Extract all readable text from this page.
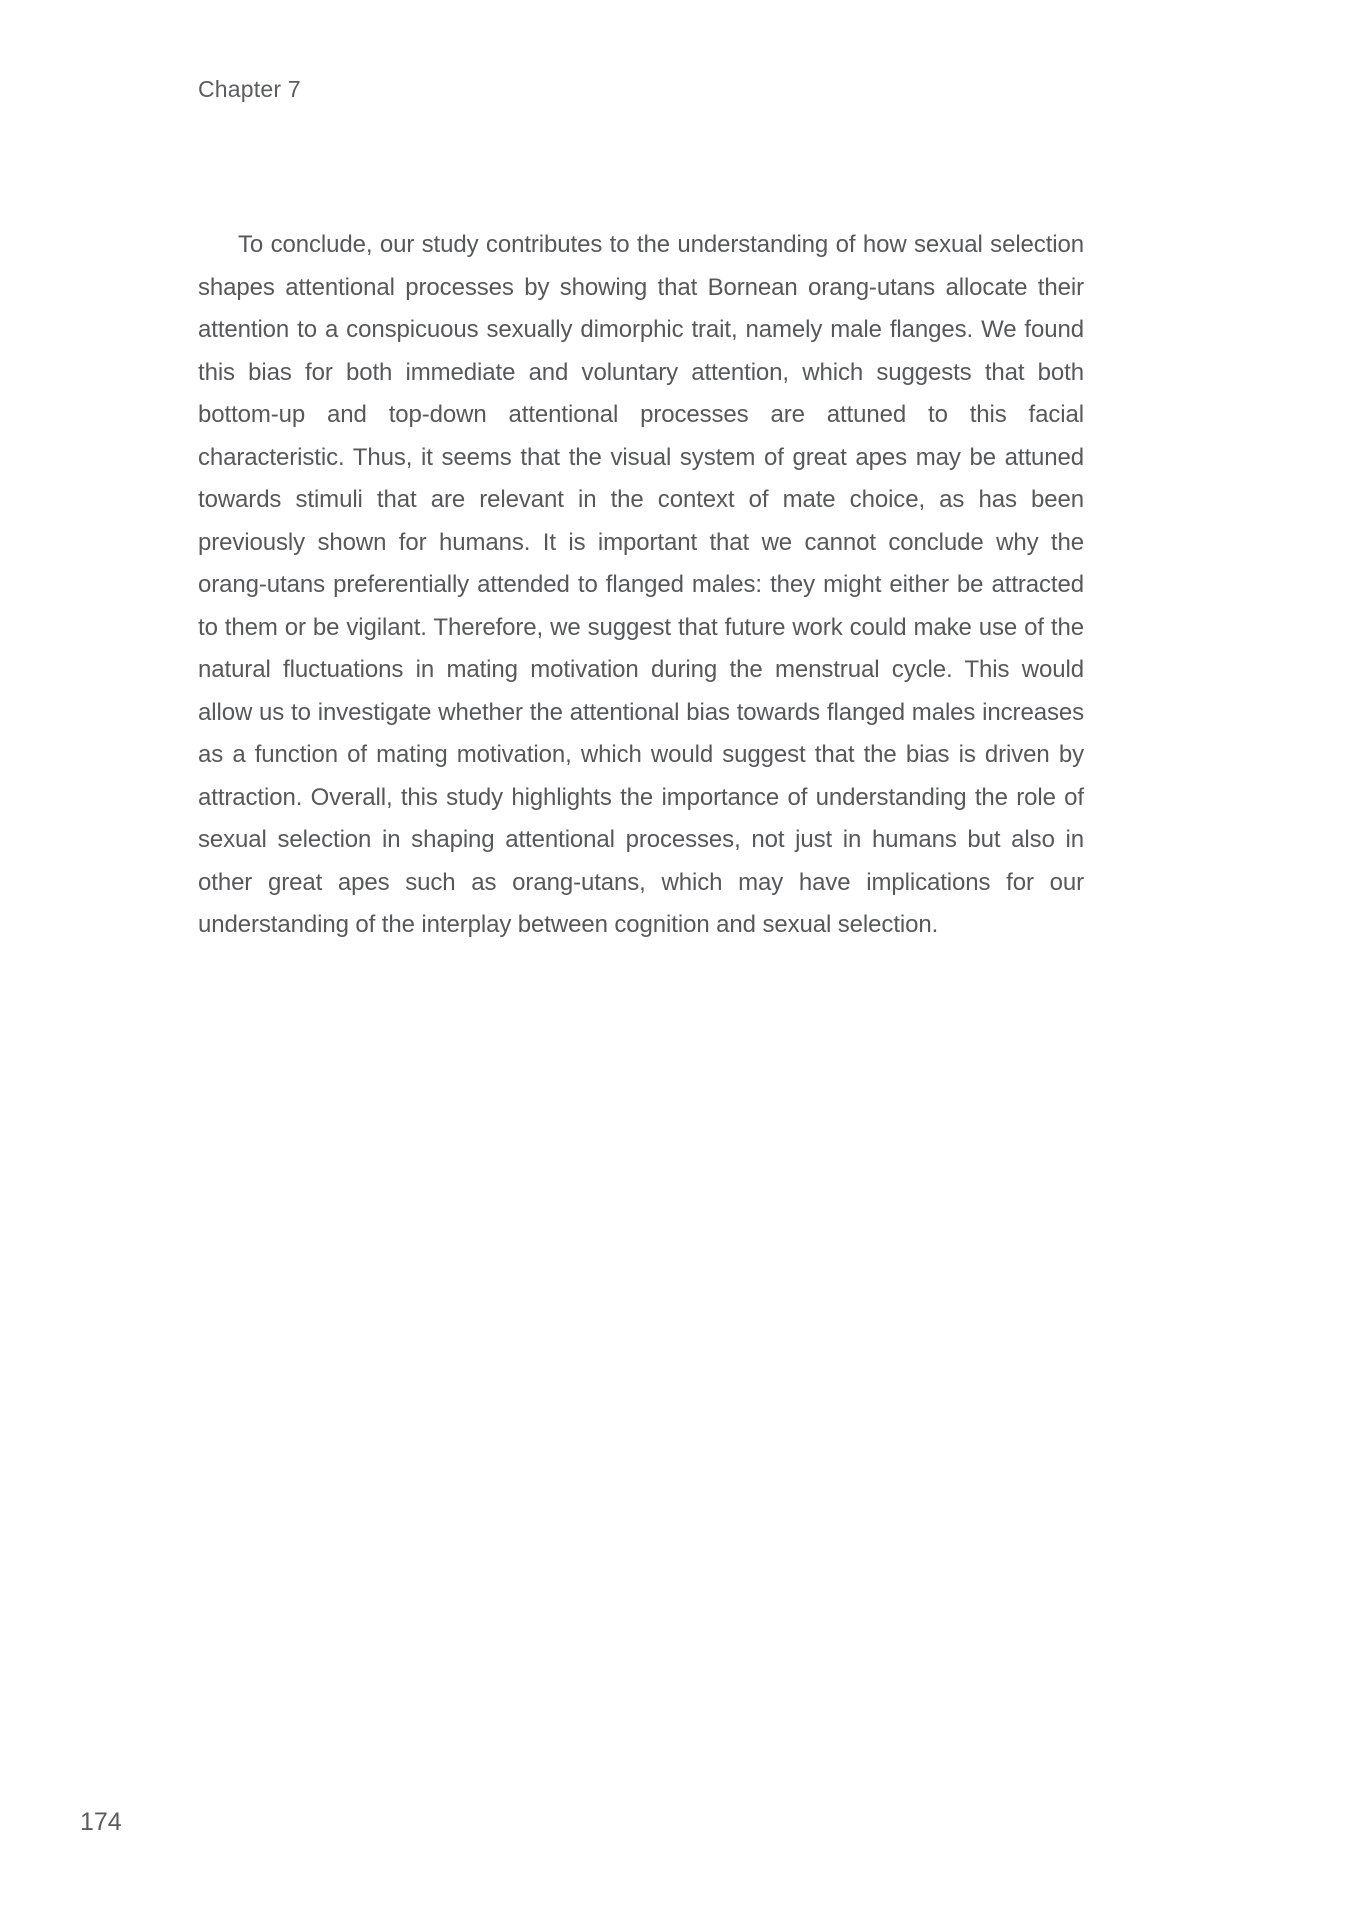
Chapter 7

To conclude, our study contributes to the understanding of how sexual selection shapes attentional processes by showing that Bornean orang-utans allocate their attention to a conspicuous sexually dimorphic trait, namely male flanges. We found this bias for both immediate and voluntary attention, which suggests that both bottom-up and top-down attentional processes are attuned to this facial characteristic. Thus, it seems that the visual system of great apes may be attuned towards stimuli that are relevant in the context of mate choice, as has been previously shown for humans. It is important that we cannot conclude why the orang-utans preferentially attended to flanged males: they might either be attracted to them or be vigilant. Therefore, we suggest that future work could make use of the natural fluctuations in mating motivation during the menstrual cycle. This would allow us to investigate whether the attentional bias towards flanged males increases as a function of mating motivation, which would suggest that the bias is driven by attraction. Overall, this study highlights the importance of understanding the role of sexual selection in shaping attentional processes, not just in humans but also in other great apes such as orang-utans, which may have implications for our understanding of the interplay between cognition and sexual selection.

174
